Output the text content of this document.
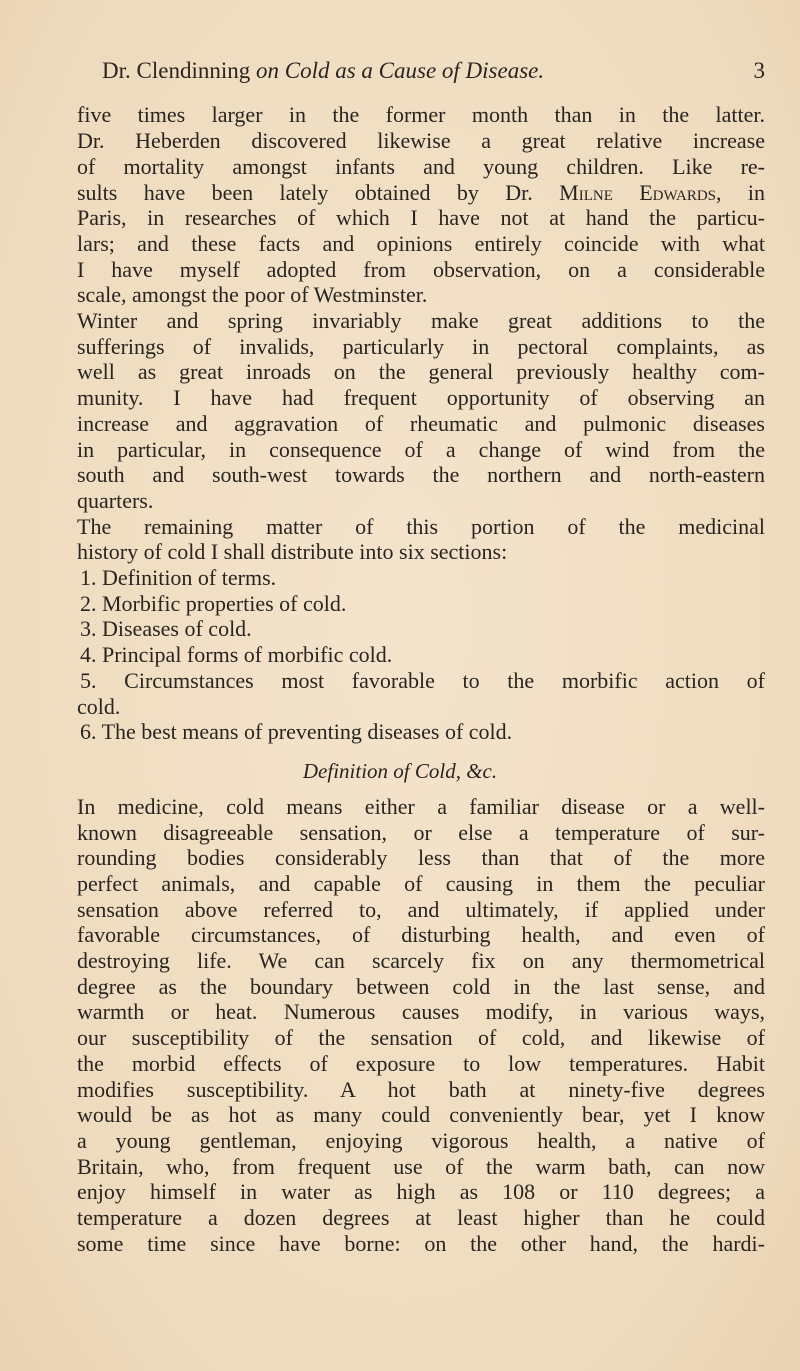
Dr. Clendinning on Cold as a Cause of Disease.	3
five times larger in the former month than in the latter.
Dr. Heberden discovered likewise a great relative increase
of mortality amongst infants and young children. Like re-
sults have been lately obtained by Dr. Milne Edwards, in
Paris, in researches of which I have not at hand the particu-
lars; and these facts and opinions entirely coincide with what
I have myself adopted from observation, on a considerable
scale, amongst the poor of Westminster.
Winter and spring invariably make great additions to the
sufferings of invalids, particularly in pectoral complaints, as
well as great inroads on the general previously healthy com-
munity. I have had frequent opportunity of observing an
increase and aggravation of rheumatic and pulmonic diseases
in particular, in consequence of a change of wind from the
south and south-west towards the northern and north-eastern
quarters.
The remaining matter of this portion of the medicinal
history of cold I shall distribute into six sections:
1. Definition of terms.
2. Morbific properties of cold.
3. Diseases of cold.
4. Principal forms of morbific cold.
5. Circumstances most favorable to the morbific action of
cold.
6. The best means of preventing diseases of cold.
Definition of Cold, &c.
In medicine, cold means either a familiar disease or a well-
known disagreeable sensation, or else a temperature of sur-
rounding bodies considerably less than that of the more
perfect animals, and capable of causing in them the peculiar
sensation above referred to, and ultimately, if applied under
favorable circumstances, of disturbing health, and even of
destroying life. We can scarcely fix on any thermometrical
degree as the boundary between cold in the last sense, and
warmth or heat. Numerous causes modify, in various ways,
our susceptibility of the sensation of cold, and likewise of
the morbid effects of exposure to low temperatures. Habit
modifies susceptibility. A hot bath at ninety-five degrees
would be as hot as many could conveniently bear, yet I know
a young gentleman, enjoying vigorous health, a native of
Britain, who, from frequent use of the warm bath, can now
enjoy himself in water as high as 108 or 110 degrees; a
temperature a dozen degrees at least higher than he could
some time since have borne: on the other hand, the hardi-
